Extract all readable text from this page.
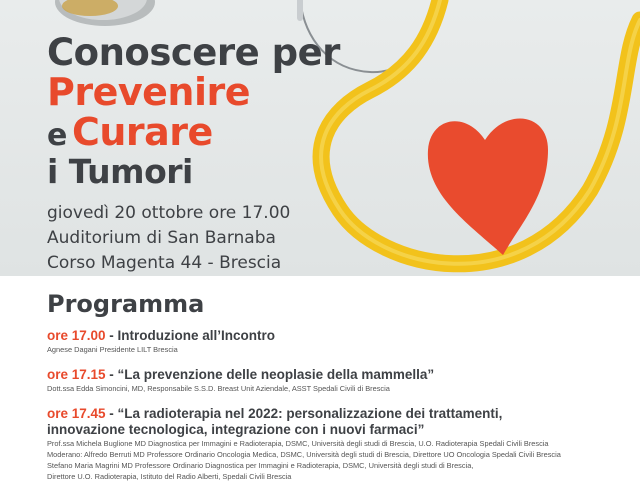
Conoscere per
Prevenire
e Curare
i Tumori
giovedì 20 ottobre ore 17.00
Auditorium di San Barnaba
Corso Magenta 44 - Brescia
Programma
ore 17.00 - Introduzione all’Incontro
Agnese Dagani Presidente LILT Brescia
ore 17.15 - “La prevenzione delle neoplasie della mammella”
Dott.ssa Edda Simoncini, MD, Responsabile S.S.D. Breast Unit Aziendale, ASST Spedali Civili di Brescia
ore 17.45 - “La radioterapia nel 2022: personalizzazione dei trattamenti,
innovazione tecnologica, integrazione con i nuovi farmaci”
Prof.ssa Michela Buglione MD Diagnostica per Immagini e Radioterapia, DSMC, Università degli studi di Brescia, U.O. Radioterapia Spedali Civili Brescia
Moderano: Alfredo Berruti MD Professore Ordinario Oncologia Medica, DSMC, Università degli studi di Brescia, Direttore UO Oncologia Spedali Civili Brescia
Stefano Maria Magrini MD Professore Ordinario Diagnostica per Immagini e Radioterapia, DSMC, Università degli studi di Brescia,
Direttore U.O. Radioterapia, Istituto del Radio Alberti, Spedali Civili Brescia
